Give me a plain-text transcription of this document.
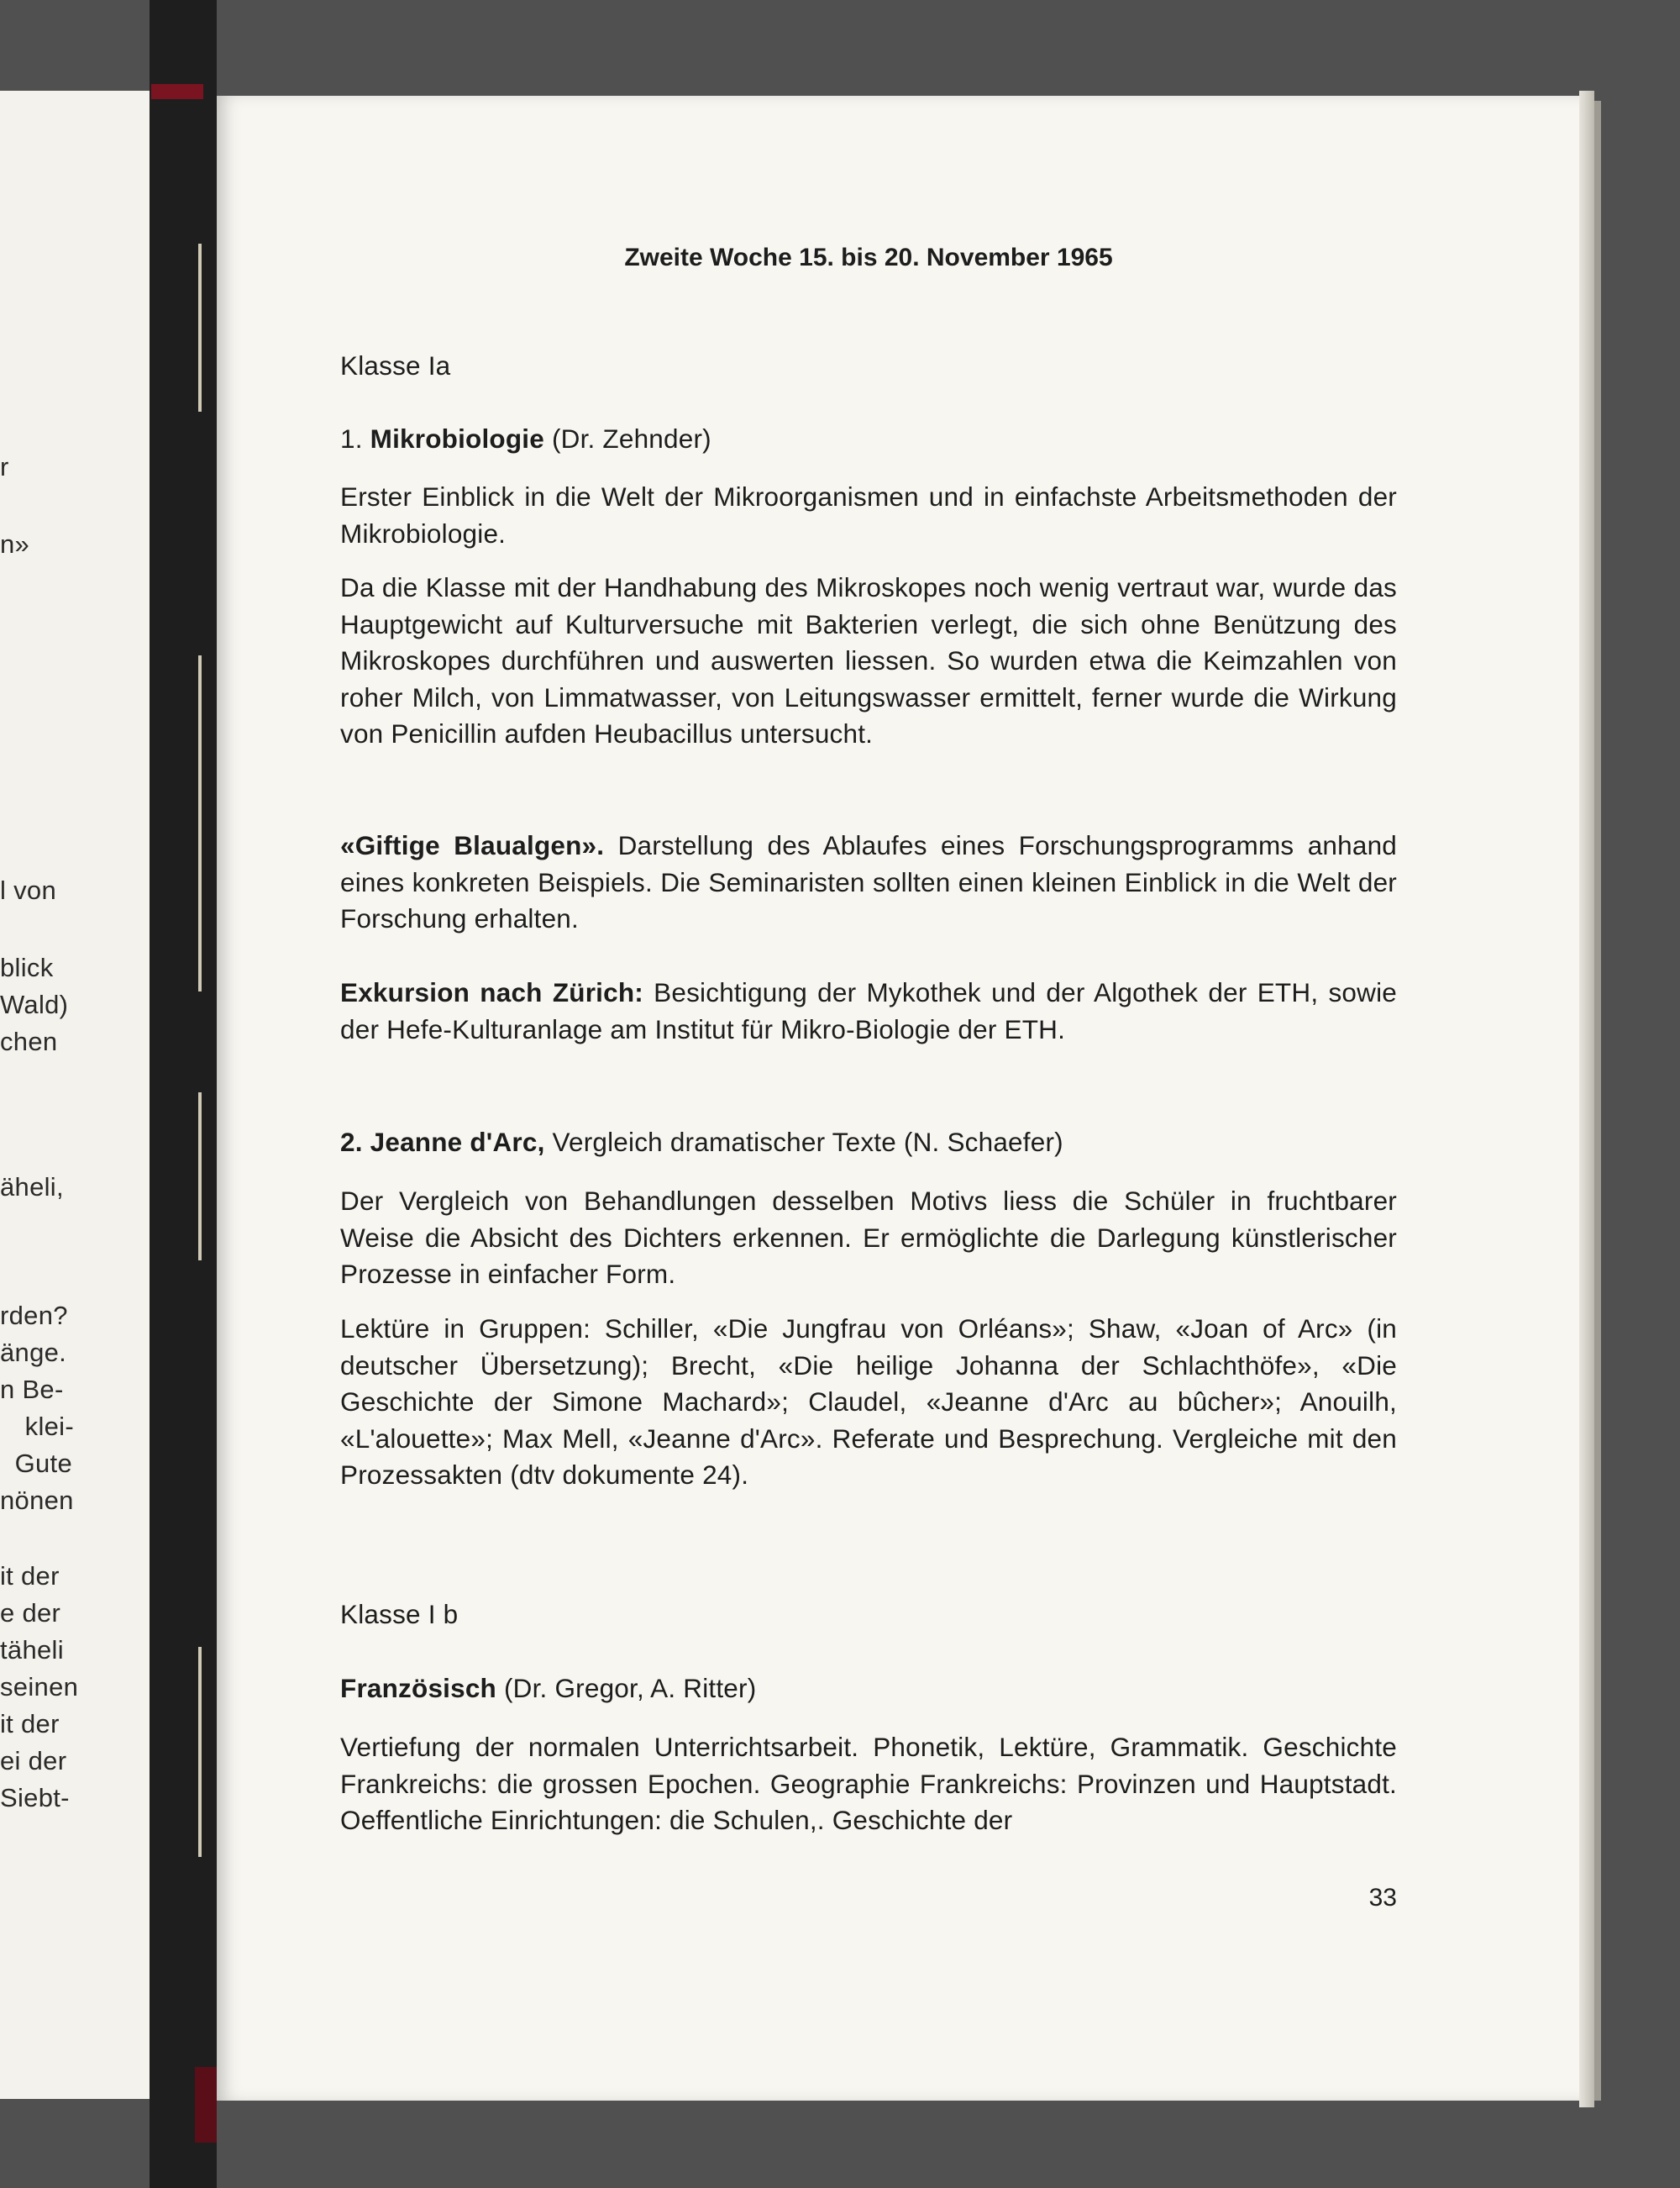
r
n»
l von
blick
Wald)
chen
äheli,
rden?
änge.
n Be-
klei-
Gute
nönen
it der
e der
täheli
seinen
it der
ei der
Siebt-
Zweite Woche 15. bis 20. November 1965
Klasse Ia
1. Mikrobiologie (Dr. Zehnder)
Erster Einblick in die Welt der Mikroorganismen und in einfachste Arbeitsmethoden der Mikrobiologie.
Da die Klasse mit der Handhabung des Mikroskopes noch wenig vertraut war, wurde das Hauptgewicht auf Kulturversuche mit Bakterien verlegt, die sich ohne Benützung des Mikroskopes durchführen und auswerten liessen. So wurden etwa die Keimzahlen von roher Milch, von Limmatwasser, von Leitungswasser ermittelt, ferner wurde die Wirkung von Penicillin aufden Heubacillus untersucht.
«Giftige Blaualgen». Darstellung des Ablaufes eines Forschungsprogramms anhand eines konkreten Beispiels. Die Seminaristen sollten einen kleinen Einblick in die Welt der Forschung erhalten.
Exkursion nach Zürich: Besichtigung der Mykothek und der Algothek der ETH, sowie der Hefe-Kulturanlage am Institut für Mikro-Biologie der ETH.
2. Jeanne d'Arc, Vergleich dramatischer Texte (N. Schaefer)
Der Vergleich von Behandlungen desselben Motivs liess die Schüler in fruchtbarer Weise die Absicht des Dichters erkennen. Er ermöglichte die Darlegung künstlerischer Prozesse in einfacher Form.
Lektüre in Gruppen: Schiller, «Die Jungfrau von Orléans»; Shaw, «Joan of Arc» (in deutscher Übersetzung); Brecht, «Die heilige Johanna der Schlachthöfe», «Die Geschichte der Simone Machard»; Claudel, «Jeanne d'Arc au bûcher»; Anouilh, «L'alouette»; Max Mell, «Jeanne d'Arc». Referate und Besprechung. Vergleiche mit den Prozessakten (dtv dokumente 24).
Klasse I b
Französisch (Dr. Gregor, A. Ritter)
Vertiefung der normalen Unterrichtsarbeit. Phonetik, Lektüre, Grammatik. Geschichte Frankreichs: die grossen Epochen. Geographie Frankreichs: Provinzen und Hauptstadt. Oeffentliche Einrichtungen: die Schulen,. Geschichte der
33
